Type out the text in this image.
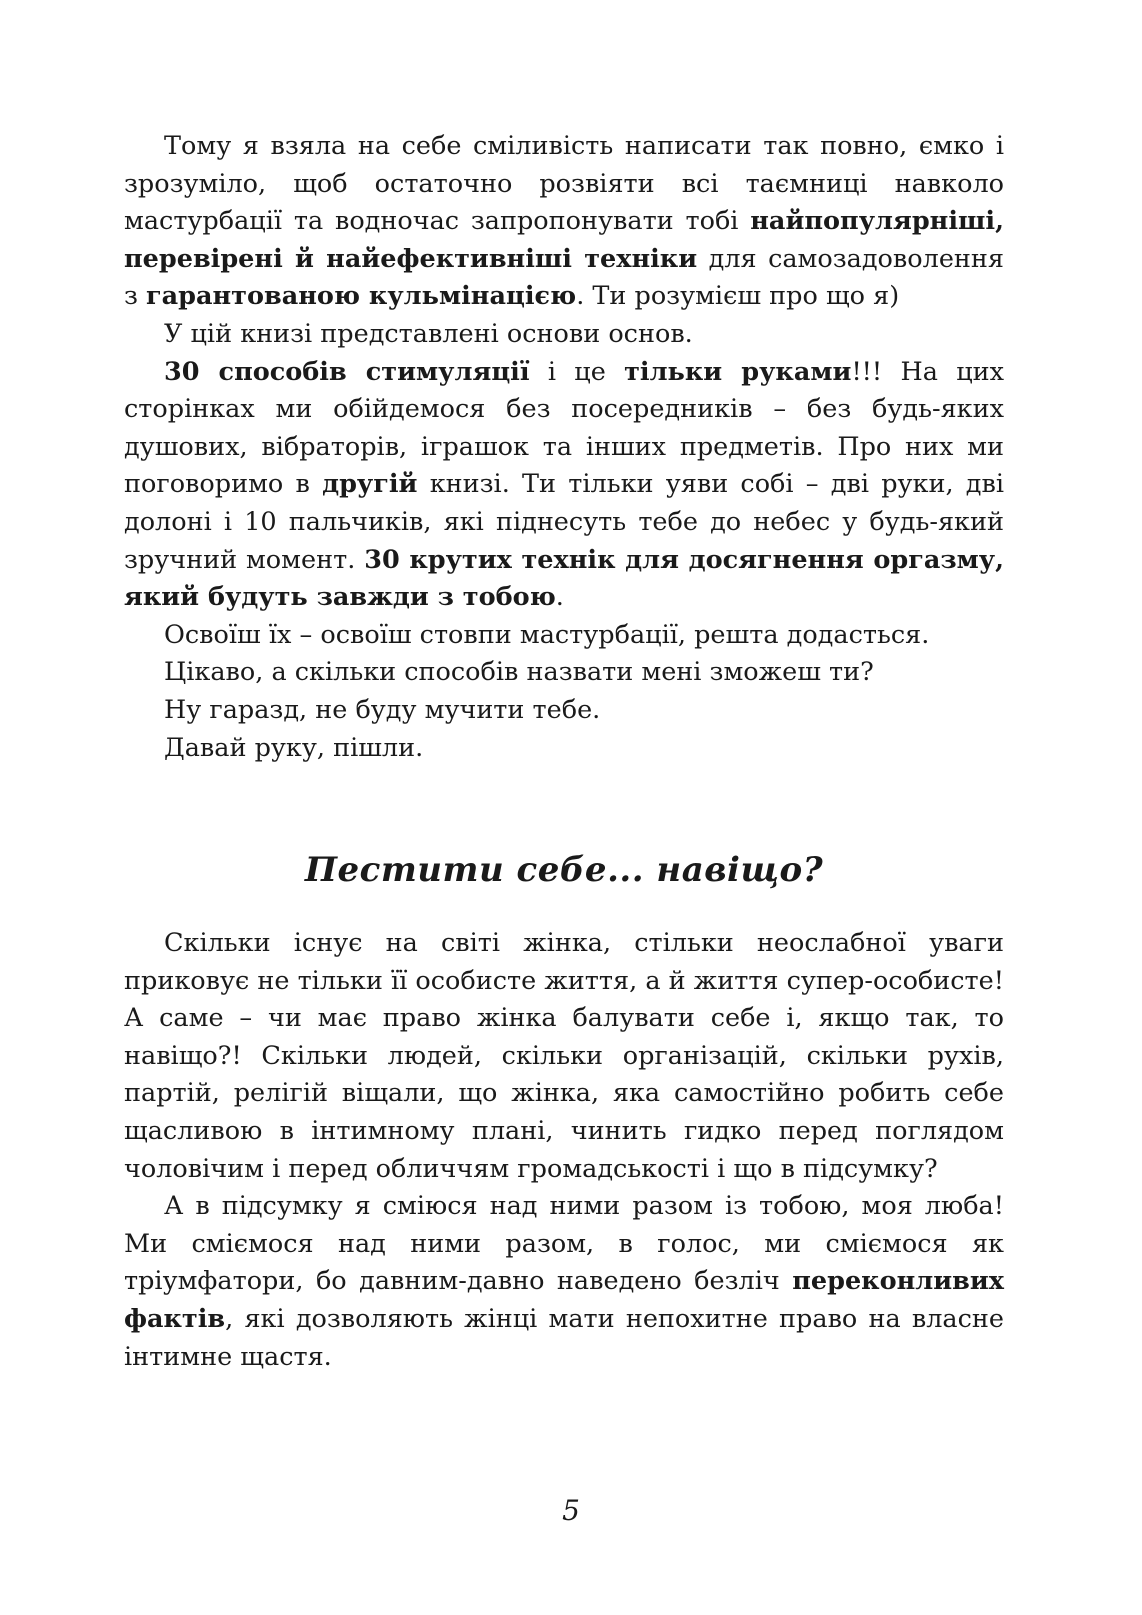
Тому я взяла на себе сміливість написати так повно, ємко і зрозуміло, щоб остаточно розвіяти всі таємниці навколо мастурбації та водночас запропонувати тобі найпопулярніші, перевірені й найефективніші техніки для самозадоволення з гарантованою кульмінацією. Ти розумієш про що я)

У цій книзі представлені основи основ.

30 способів стимуляції і це тільки руками!!! На цих сторінках ми обійдемося без посередників – без будь-яких душових, вібраторів, іграшок та інших предметів. Про них ми поговоримо в другій книзі. Ти тільки уяви собі – дві руки, дві долоні і 10 пальчиків, які піднесуть тебе до небес у будь-який зручний момент. 30 крутих технік для досягнення оргазму, який будуть завжди з тобою.

Освоїш їх – освоїш стовпи мастурбації, решта додасться.

Цікаво, а скільки способів назвати мені зможеш ти?

Ну гаразд, не буду мучити тебе.

Давай руку, пішли.

Пестити себе... навіщо?

Скільки існує на світі жінка, стільки неослабної уваги приковує не тільки її особисте життя, а й життя супер-особисте! А саме – чи має право жінка балувати себе і, якщо так, то навіщо?! Скільки людей, скільки організацій, скільки рухів, партій, релігій віщали, що жінка, яка самостійно робить себе щасливою в інтимному плані, чинить гидко перед поглядом чоловічим і перед обличчям громадськості і що в підсумку?

А в підсумку я сміюся над ними разом із тобою, моя люба! Ми сміємося над ними разом, в голос, ми сміємося як тріумфатори, бо давним-давно наведено безліч переконливих фактів, які дозволяють жінці мати непохитне право на власне інтимне щастя.

5
